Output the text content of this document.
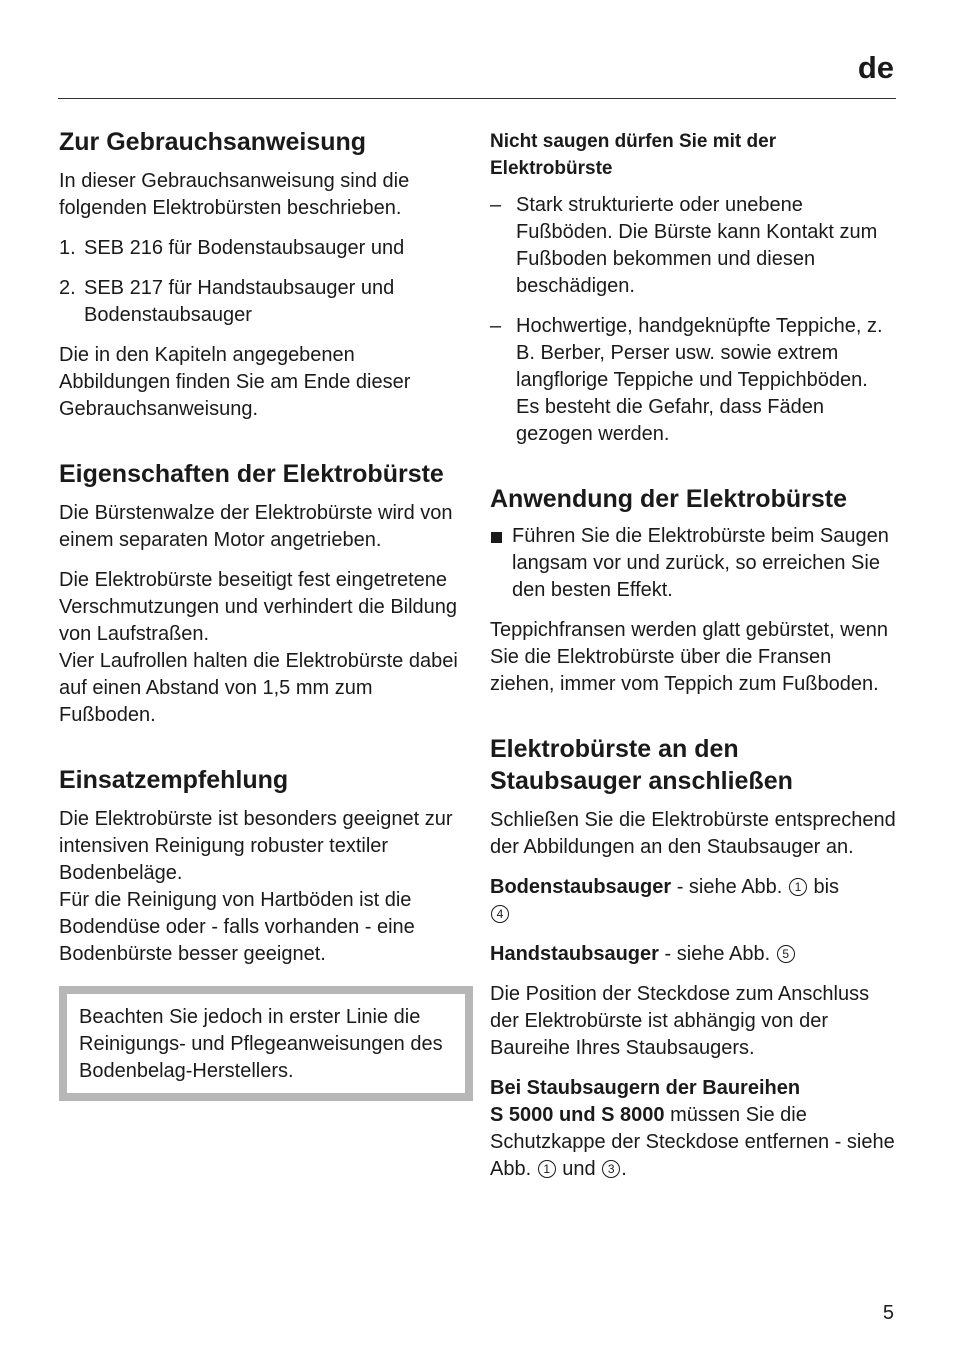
de
Zur Gebrauchsanweisung

In dieser Gebrauchsanweisung sind die folgenden Elektrobürsten beschrieben.

1. SEB 216 für Bodenstaubsauger und
2. SEB 217 für Handstaubsauger und Bodenstaubsauger

Die in den Kapiteln angegebenen Abbildungen finden Sie am Ende dieser Gebrauchsanweisung.

Eigenschaften der Elektrobürste

Die Bürstenwalze der Elektrobürste wird von einem separaten Motor angetrieben.

Die Elektrobürste beseitigt fest eingetretene Verschmutzungen und verhindert die Bildung von Laufstraßen.

Vier Laufrollen halten die Elektrobürste dabei auf einen Abstand von 1,5 mm zum Fußboden.

Einsatzempfehlung

Die Elektrobürste ist besonders geeignet zur intensiven Reinigung robuster textiler Bodenbeläge.

Für die Reinigung von Hartböden ist die Bodendüse oder - falls vorhanden - eine Bodenbürste besser geeignet.

Beachten Sie jedoch in erster Linie die Reinigungs- und Pflegeanweisungen des Bodenbelag-Herstellers.
Nicht saugen dürfen Sie mit der Elektrobürste
– Stark strukturierte oder unebene Fußböden. Die Bürste kann Kontakt zum Fußboden bekommen und diesen beschädigen.
– Hochwertige, handgeknüpfte Teppiche, z. B. Berber, Perser usw. sowie extrem langflorige Teppiche und Teppichböden. Es besteht die Gefahr, dass Fäden gezogen werden.
Anwendung der Elektrobürste
Führen Sie die Elektrobürste beim Saugen langsam vor und zurück, so erreichen Sie den besten Effekt.

Teppichfransen werden glatt gebürstet, wenn Sie die Elektrobürste über die Fransen ziehen, immer vom Teppich zum Fußboden.

Elektrobürste an den Staubsauger anschließen

Schließen Sie die Elektrobürste entsprechend der Abbildungen an den Staubsauger an.

Bodenstaubsauger - siehe Abb. 1 bis
4

Handstaubsauger - siehe Abb. 5

Die Position der Steckdose zum Anschluss der Elektrobürste ist abhängig von der Baureihe Ihres Staubsaugers.

Bei Staubsaugern der Baureihen
S 5000 und S 8000 müssen Sie die Schutzkappe der Steckdose entfernen - siehe Abb. 1 und 3 .

5
